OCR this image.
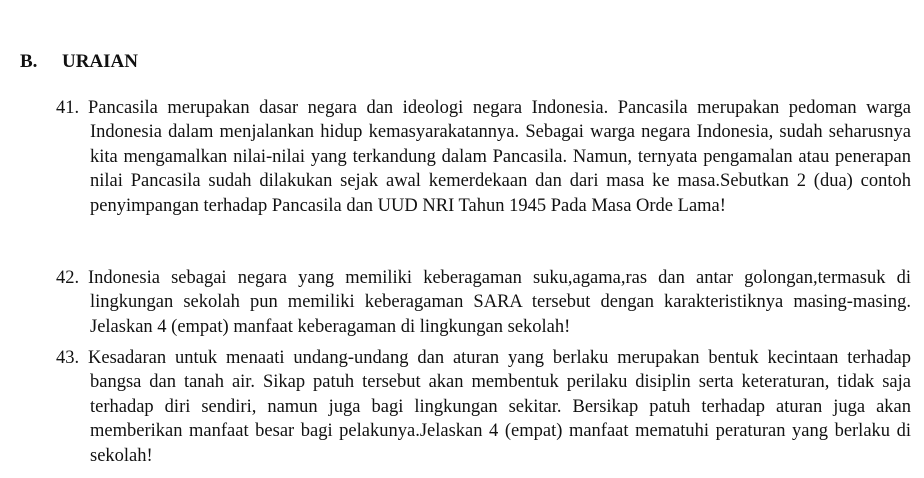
B.	URAIAN
41. Pancasila merupakan dasar negara dan ideologi negara Indonesia. Pancasila merupakan pedoman warga Indonesia dalam menjalankan hidup kemasyarakatannya. Sebagai warga negara Indonesia, sudah seharusnya kita mengamalkan nilai-nilai yang terkandung dalam Pancasila. Namun, ternyata pengamalan atau penerapan nilai Pancasila sudah dilakukan sejak awal kemerdekaan dan dari masa ke masa.Sebutkan 2 (dua) contoh penyimpangan terhadap Pancasila dan UUD NRI Tahun 1945 Pada Masa Orde Lama!
42. Indonesia sebagai negara yang memiliki keberagaman suku,agama,ras dan antar golongan,termasuk di lingkungan sekolah pun memiliki keberagaman SARA tersebut dengan karakteristiknya masing-masing. Jelaskan 4 (empat) manfaat keberagaman di lingkungan sekolah!
43. Kesadaran untuk menaati undang-undang dan aturan yang berlaku merupakan bentuk kecintaan terhadap bangsa dan tanah air. Sikap patuh tersebut akan membentuk perilaku disiplin serta keteraturan, tidak saja terhadap diri sendiri, namun juga bagi lingkungan sekitar. Bersikap patuh terhadap aturan juga akan memberikan manfaat besar bagi pelakunya.Jelaskan 4 (empat) manfaat mematuhi peraturan yang berlaku di sekolah!
